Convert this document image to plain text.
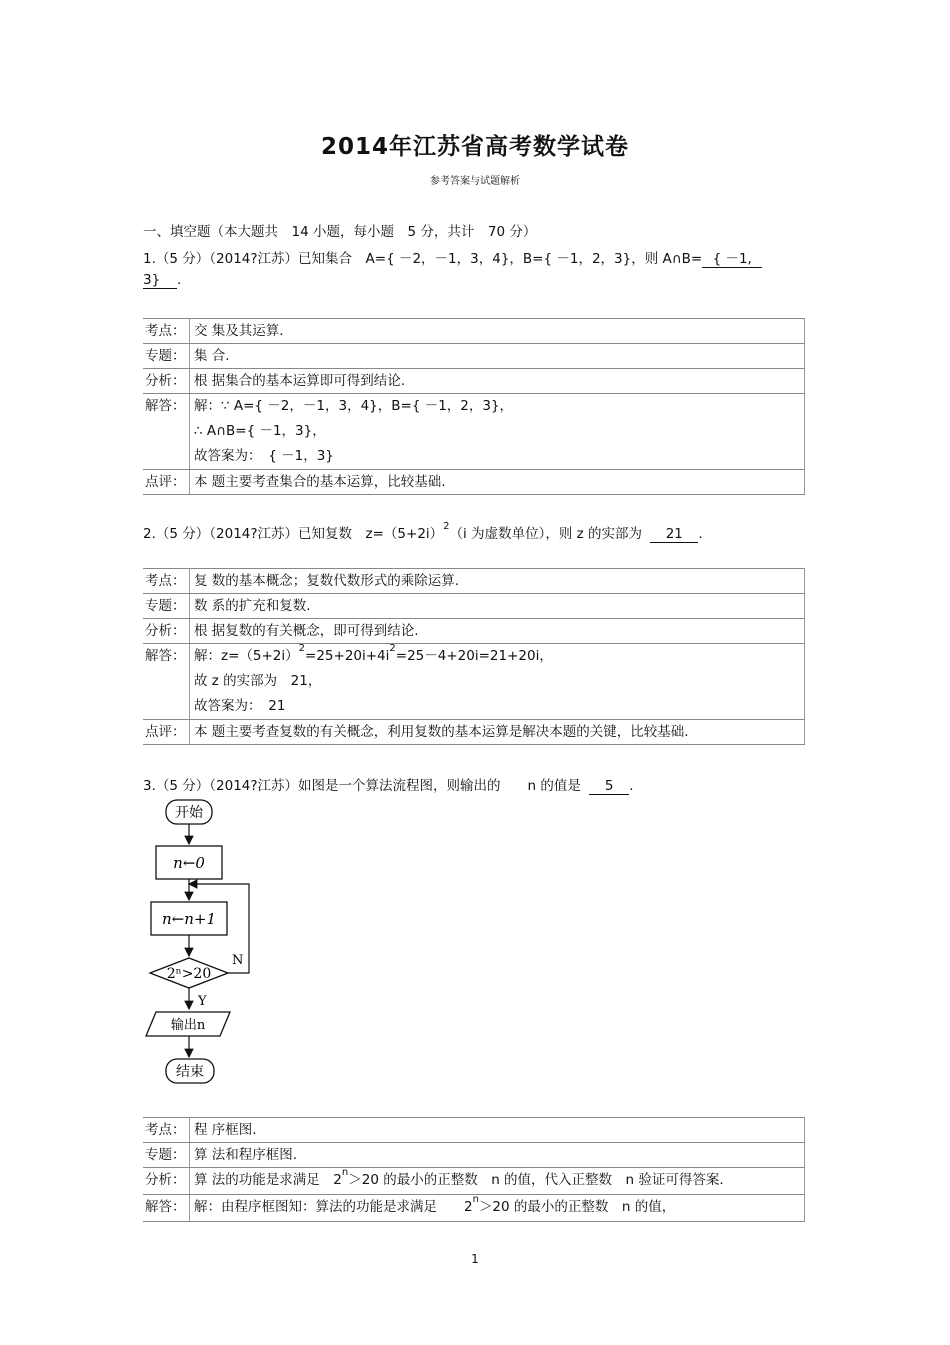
2014年江苏省高考数学试卷
参考答案与试题解析
一、填空题（本大题共　14 小题，每小题　5 分，共计　70 分）
1.（5 分）（2014?江苏）已知集合　A={ －2，－1，3，4}，B={ －1，2，3}，则 A∩B= { －1,
3} .
考点：	交 集及其运算.
专题：	集 合.
分析：	根 据集合的基本运算即可得到结论.
解答：	解：∵ A={ －2，－1，3，4}，B={ －1，2，3}，
∴ A∩B={ －1，3}，
故答案为：　{ －1，3}

点评：	本 题主要考查集合的基本运算，比较基础.
2.（5 分）（2014?江苏）已知复数　$z=(5+2i)^2(i$ 为虚数单位），则 z 的实部为 21 .
考点：	复 数的基本概念；复数代数形式的乘除运算.
专题：	数 系的扩充和复数.
分析：	根 据复数的有关概念，即可得到结论.
解答：	解：$z=(5+2i)^2=25+20i+4i^2=25-4+20i=21+20i$，
故 z 的实部为　21，
故答案为：　21

点评：	本 题主要考查复数的有关概念，利用复数的基本运算是解决本题的关键，比较基础.
3.（5 分）（2014?江苏）如图是一个算法流程图，则输出的　　n 的值是 5 .
开始
n←0
n←n+1
2ⁿ>20
N
Y
输出n
结束
考点：	程 序框图.
专题：	算 法和程序框图.
分析：	算 法的功能是求满足　$2^n>20$ 的最小的正整数　n 的值，代入正整数　n 验证可得答案.
解答：	解：由程序框图知：算法的功能是求满足　　$2^n>20$ 的最小的正整数　n 的值，
1
